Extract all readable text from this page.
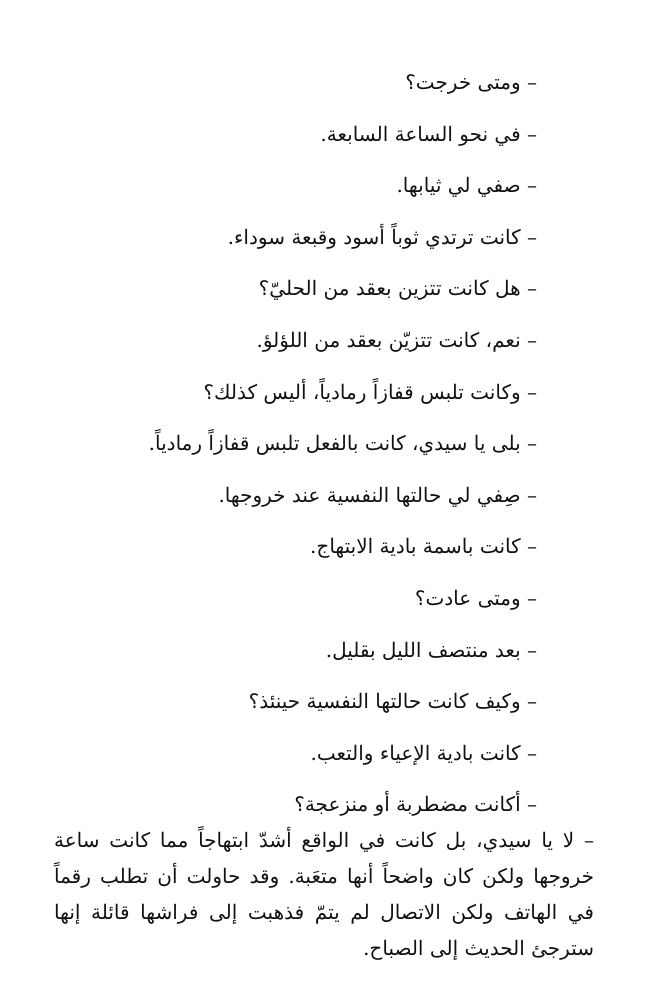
– ومتى خرجت؟
– في نحو الساعة السابعة.
– صفي لي ثيابها.
– كانت ترتدي ثوباً أسود وقبعة سوداء.
– هل كانت تتزين بعقد من الحليّ؟
– نعم، كانت تتزيّن بعقد من اللؤلؤ.
– وكانت تلبس قفازاً رمادياً، أليس كذلك؟
– بلى يا سيدي، كانت بالفعل تلبس قفازاً رمادياً.
– صِفي لي حالتها النفسية عند خروجها.
– كانت باسمة بادية الابتهاج.
– ومتى عادت؟
– بعد منتصف الليل بقليل.
– وكيف كانت حالتها النفسية حينئذ؟
– كانت بادية الإعياء والتعب.
– أكانت مضطربة أو منزعجة؟
– لا يا سيدي، بل كانت في الواقع أشدّ ابتهاجاً مما كانت ساعة خروجها ولكن كان واضحاً أنها متعَبة. وقد حاولت أن تطلب رقماً في الهاتف ولكن الاتصال لم يتمّ فذهبت إلى فراشها قائلة إنها سترجئ الحديث إلى الصباح.
